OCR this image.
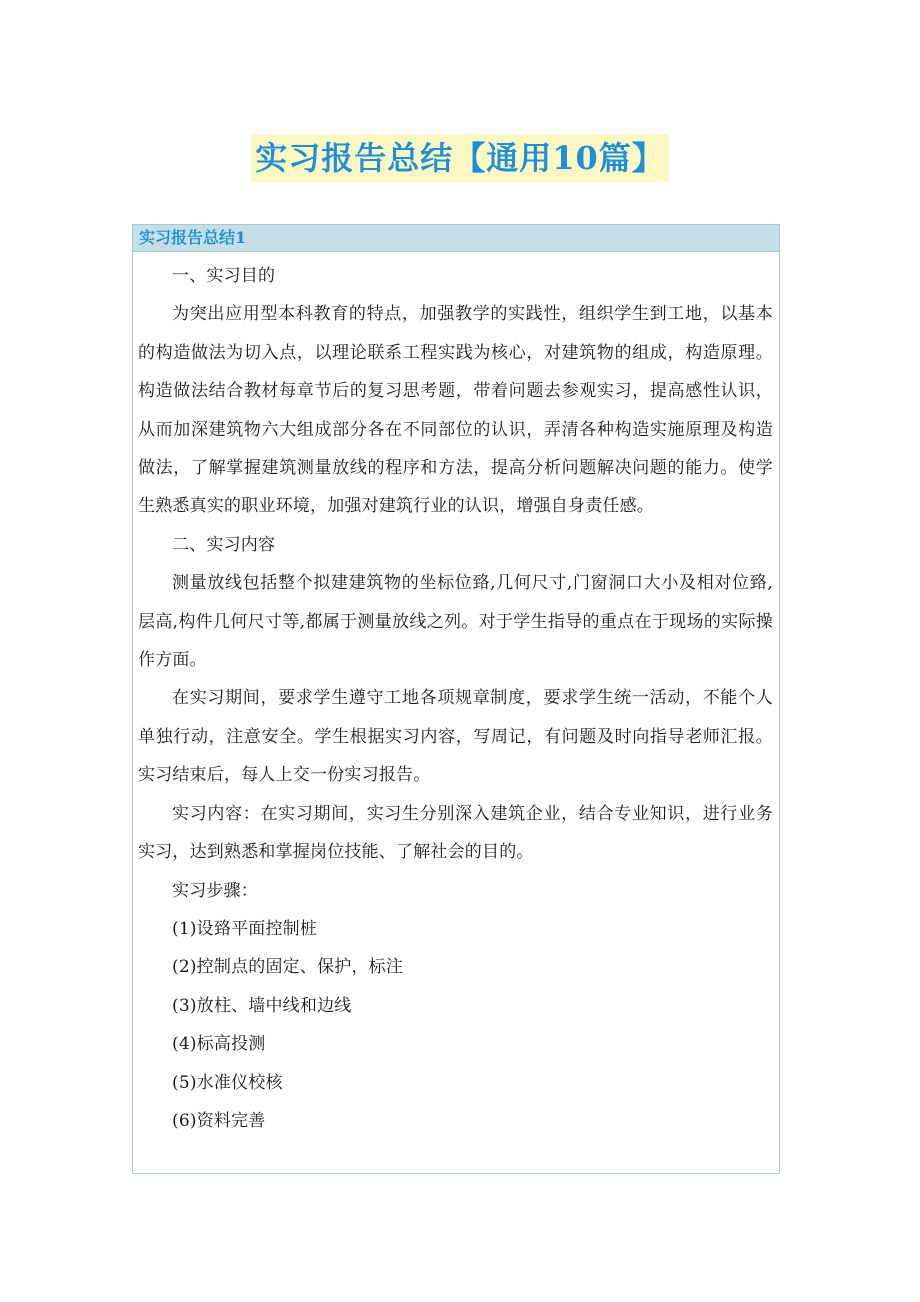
实习报告总结【通用10篇】
实习报告总结1

一、实习目的

为突出应用型本科教育的特点，加强教学的实践性，组织学生到工地，以基本的构造做法为切入点，以理论联系工程实践为核心，对建筑物的组成，构造原理。构造做法结合教材每章节后的复习思考题，带着问题去参观实习，提高感性认识，从而加深建筑物六大组成部分各在不同部位的认识，弄清各种构造实施原理及构造做法，了解掌握建筑测量放线的程序和方法，提高分析问题解决问题的能力。使学生熟悉真实的职业环境，加强对建筑行业的认识，增强自身责任感。

二、实习内容

测量放线包括整个拟建建筑物的坐标位臵,几何尺寸,门窗洞口大小及相对位臵,层高,构件几何尺寸等,都属于测量放线之列。对于学生指导的重点在于现场的实际操作方面。

在实习期间，要求学生遵守工地各项规章制度，要求学生统一活动，不能个人单独行动，注意安全。学生根据实习内容，写周记，有问题及时向指导老师汇报。实习结束后，每人上交一份实习报告。

实习内容：在实习期间，实习生分别深入建筑企业，结合专业知识，进行业务实习，达到熟悉和掌握岗位技能、了解社会的目的。

实习步骤：

(1)设臵平面控制桩

(2)控制点的固定、保护，标注

(3)放柱、墙中线和边线

(4)标高投测

(5)水准仪校核

(6)资料完善
